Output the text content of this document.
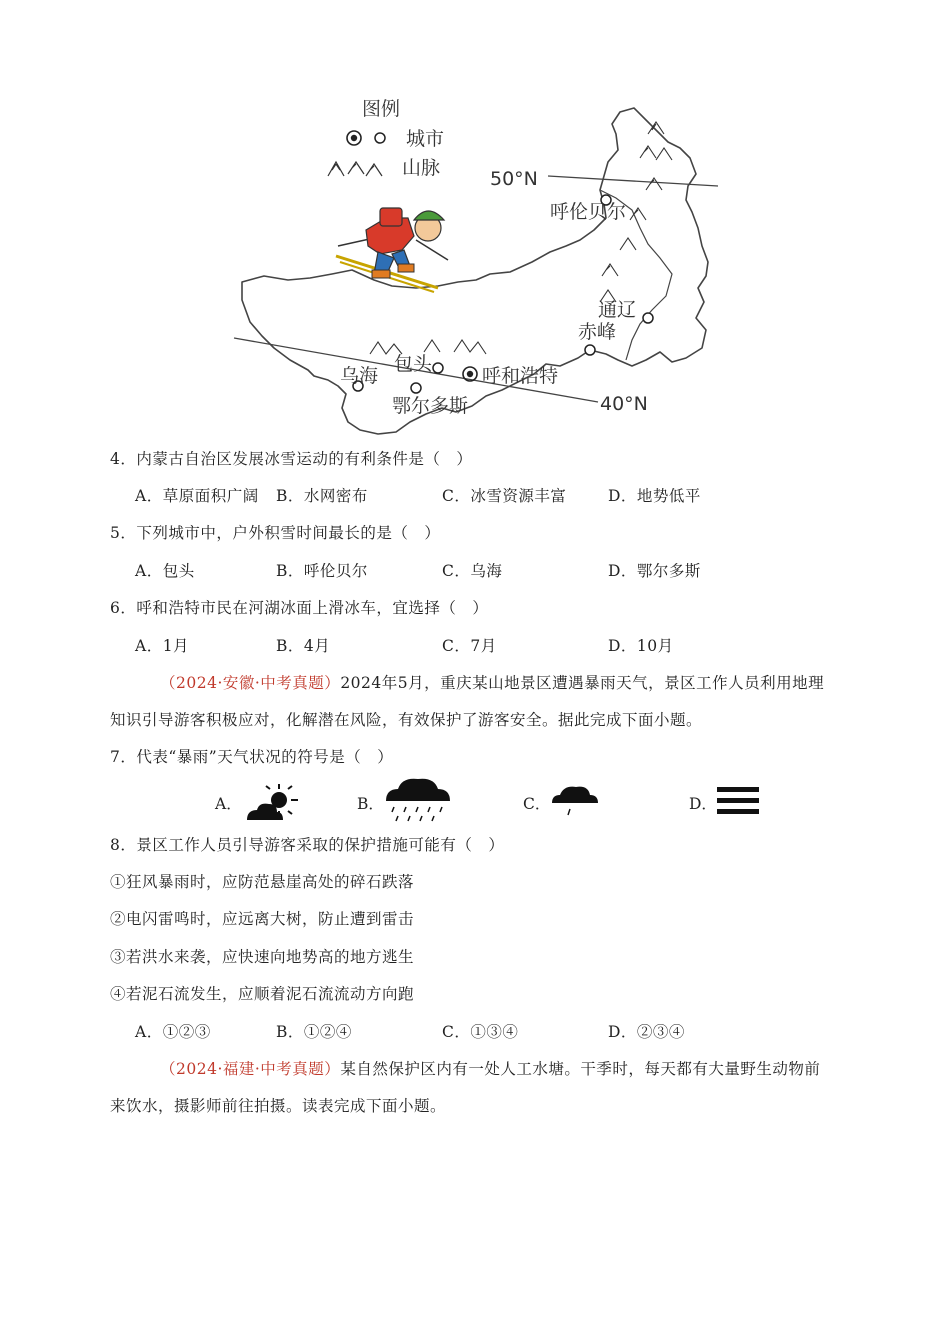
50°N
40°N
图例
城市
山脉
呼伦贝尔
通辽
赤峰
包头
乌海	呼和浩特
鄂尔多斯
4．内蒙古自治区发展冰雪运动的有利条件是（　）
A．草原面积广阔 B．水网密布	C．冰雪资源丰富	D．地势低平
5．下列城市中，户外积雪时间最长的是（　）
A．包头	B．呼伦贝尔	C．乌海	D．鄂尔多斯
6．呼和浩特市民在河湖冰面上滑冰车，宜选择（　）
A．1月	B．4月	C．7月	D．10月
（2024·安徽·中考真题）2024年5月，重庆某山地景区遭遇暴雨天气，景区工作人员利用地理
知识引导游客积极应对，化解潜在风险，有效保护了游客安全。据此完成下面小题。
7．代表“暴雨”天气状况的符号是（　）
A．	B．	C．	D．
8．景区工作人员引导游客采取的保护措施可能有（　）
①狂风暴雨时，应防范悬崖高处的碎石跌落
②电闪雷鸣时，应远离大树，防止遭到雷击
③若洪水来袭，应快速向地势高的地方逃生
④若泥石流发生，应顺着泥石流流动方向跑
A．①②③	B．①②④	C．①③④	D．②③④
（2024·福建·中考真题）某自然保护区内有一处人工水塘。干季时，每天都有大量野生动物前
来饮水，摄影师前往拍摄。读表完成下面小题。
